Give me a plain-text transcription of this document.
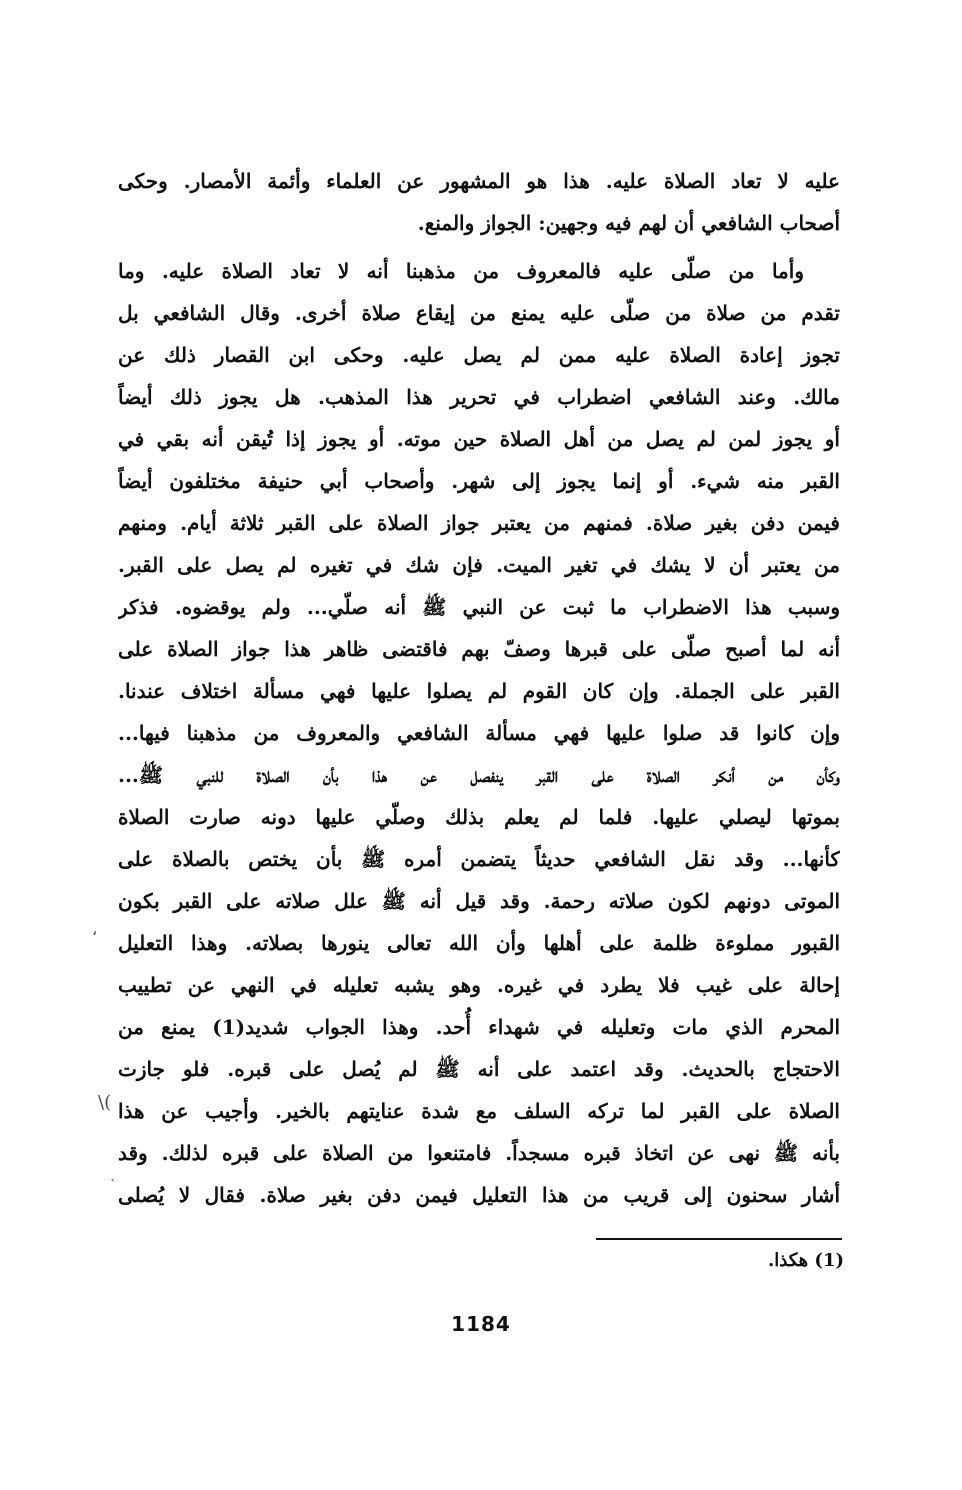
عليه لا تعاد الصلاة عليه. هذا هو المشهور عن العلماء وأئمة الأمصار. وحكى
أصحاب الشافعي أن لهم فيه وجهين: الجواز والمنع.
وأما من صلّى عليه فالمعروف من مذهبنا أنه لا تعاد الصلاة عليه. وما
تقدم من صلاة من صلّى عليه يمنع من إيقاع صلاة أخرى. وقال الشافعي بل
تجوز إعادة الصلاة عليه ممن لم يصل عليه. وحكى ابن القصار ذلك عن
مالك. وعند الشافعي اضطراب في تحرير هذا المذهب. هل يجوز ذلك أيضاً
أو يجوز لمن لم يصل من أهل الصلاة حين موته. أو يجوز إذا تُيقن أنه بقي في
القبر منه شيء. أو إنما يجوز إلى شهر. وأصحاب أبي حنيفة مختلفون أيضاً
فيمن دفن بغير صلاة. فمنهم من يعتبر جواز الصلاة على القبر ثلاثة أيام. ومنهم
من يعتبر أن لا يشك في تغير الميت. فإن شك في تغيره لم يصل على القبر.
وسبب هذا الاضطراب ما ثبت عن النبي ﷺ أنه صلّي... ولم يوقضوه. فذكر
أنه لما أصبح صلّى على قبرها وصفّ بهم فاقتضى ظاهر هذا جواز الصلاة على
القبر على الجملة. وإن كان القوم لم يصلوا عليها فهي مسألة اختلاف عندنا.
وإن كانوا قد صلوا عليها فهي مسألة الشافعي والمعروف من مذهبنا فيها...
وكأن من أنكر الصلاة على القبر ينفصل عن هذا بأن الصلاة للنبي ﷺ...
بموتها ليصلي عليها. فلما لم يعلم بذلك وصلّي عليها دونه صارت الصلاة
كأنها... وقد نقل الشافعي حديثاً يتضمن أمره ﷺ بأن يختص بالصلاة على
الموتى دونهم لكون صلاته رحمة. وقد قيل أنه ﷺ علل صلاته على القبر بكون
القبور مملوءة ظلمة على أهلها وأن الله تعالى ينورها بصلاته. وهذا التعليل
إحالة على غيب فلا يطرد في غيره. وهو يشبه تعليله في النهي عن تطييب
المحرم الذي مات وتعليله في شهداء أُحد. وهذا الجواب شديد(1) يمنع من
الاحتجاج بالحديث. وقد اعتمد على أنه ﷺ لم يُصل على قبره. فلو جازت
الصلاة على القبر لما تركه السلف مع شدة عنايتهم بالخير. وأجيب عن هذا
بأنه ﷺ نهى عن اتخاذ قبره مسجداً. فامتنعوا من الصلاة على قبره لذلك. وقد
أشار سحنون إلى قريب من هذا التعليل فيمن دفن بغير صلاة. فقال لا يُصلى
(1) هكذا.
1184
،
\(
`
